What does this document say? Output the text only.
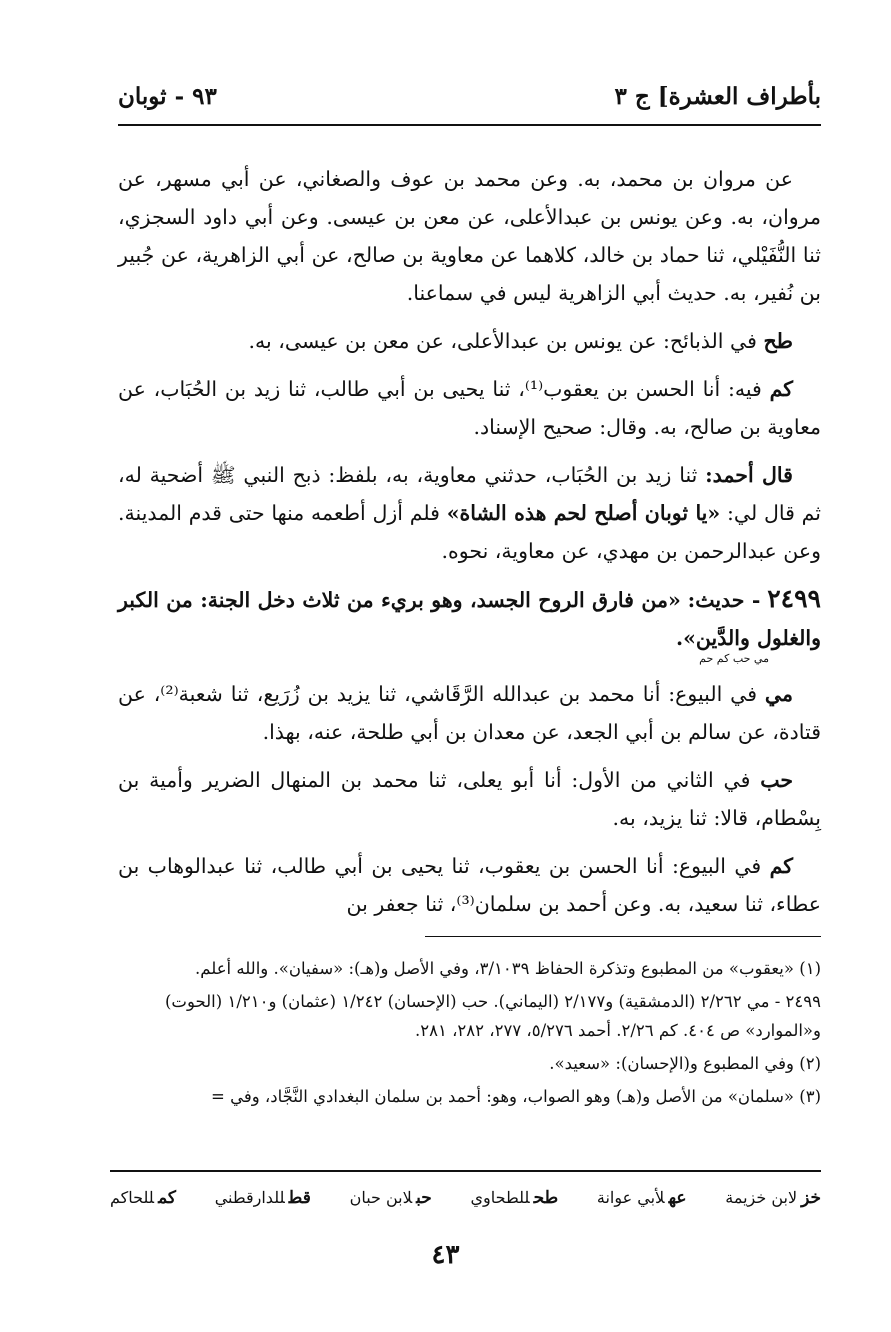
بأطراف العشرة] ج ٣
٩٣ - ثوبان

عن مروان بن محمد، به. وعن محمد بن عوف والصغاني، عن أبي مسهر، عن مروان، به. وعن يونس بن عبدالأعلى، عن معن بن عيسى. وعن أبي داود السجزي، ثنا النُّفَيْلي، ثنا حماد بن خالد، كلاهما عن معاوية بن صالح، عن أبي الزاهرية، عن جُبير بن نُفير، به. حديث أبي الزاهرية ليس في سماعنا.

طح في الذبائح: عن يونس بن عبدالأعلى، عن معن بن عيسى، به.

كم فيه: أنا الحسن بن يعقوب⁽¹⁾، ثنا يحيى بن أبي طالب، ثنا زيد بن الحُبَاب، عن معاوية بن صالح، به. وقال: صحيح الإسناد.

قال أحمد: ثنا زيد بن الحُبَاب، حدثني معاوية، به، بلفظ: ذبح النبي ﷺ أضحية له، ثم قال لي: «يا ثوبان أصلح لحم هذه الشاة» فلم أزل أطعمه منها حتى قدم المدينة. وعن عبدالرحمن بن مهدي، عن معاوية، نحوه.

٢٤٩٩ - حديث: «من فارق الروح الجسد، وهو بريء من ثلاث دخل الجنة: من الكبر والغلول والدَّين».
مي حب كم حم

مي في البيوع: أنا محمد بن عبدالله الرَّقَاشي، ثنا يزيد بن زُرَيع، ثنا شعبة⁽²⁾، عن قتادة، عن سالم بن أبي الجعد، عن معدان بن أبي طلحة، عنه، بهذا.

حب في الثاني من الأول: أنا أبو يعلى، ثنا محمد بن المنهال الضرير وأمية بن بِسْطام، قالا: ثنا يزيد، به.

كم في البيوع: أنا الحسن بن يعقوب، ثنا يحيى بن أبي طالب، ثنا عبدالوهاب بن عطاء، ثنا سعيد، به. وعن أحمد بن سلمان⁽³⁾، ثنا جعفر بن

(١) «يعقوب» من المطبوع وتذكرة الحفاظ ٣/١٠٣٩، وفي الأصل و(هـ): «سفيان». والله أعلم.

٢٤٩٩ - مي ٢/٢٦٢ (الدمشقية) و٢/١٧٧ (اليماني). حب (الإحسان) ١/٢٤٢ (عثمان) و١/٢١٠ (الحوت) و«الموارد» ص ٤٠٤. كم ٢/٢٦. أحمد ٥/٢٧٦، ٢٧٧، ٢٨٢، ٢٨١.

(٢) وفي المطبوع و(الإحسان): «سعيد».

(٣) «سلمان» من الأصل و(هـ) وهو الصواب، وهو: أحمد بن سلمان البغدادي النَّجَّاد، وفي =

خزلابن خزيمة
عهلأبي عوانة
طحللطحاوي
حبلابن حبان
قطللدارقطني
كمللحاكم
٤٣
